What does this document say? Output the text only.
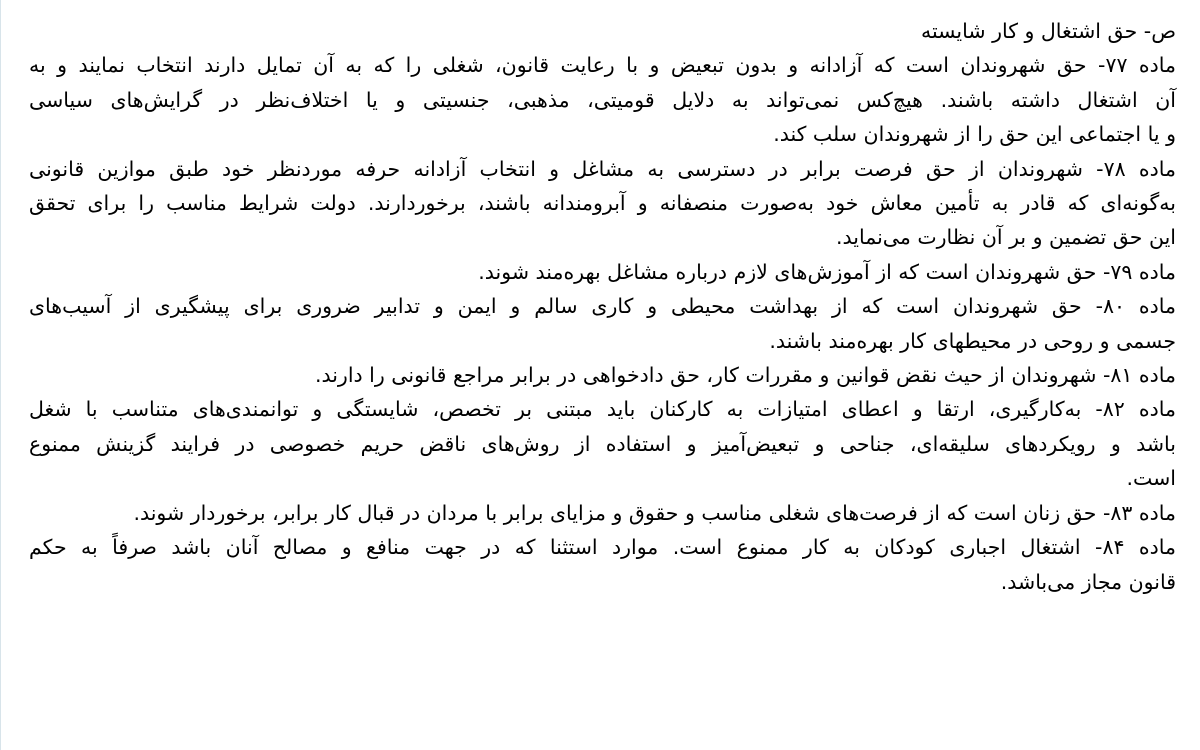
ص- حق اشتغال و کار شایسته

ماده ۷۷- حق شهروندان است که آزادانه و بدون تبعیض و با رعایت قانون، شغلی را که به آن تمایل دارند انتخاب نمایند و به

آن اشتغال داشته باشند. هیچ‌کس نمی‌تواند به دلایل قومیتی، مذهبی، جنسیتی و یا اختلاف‌نظر در گرایش‌های سیاسی

و یا اجتماعی این حق را از شهروندان سلب کند.

ماده ۷۸- شهروندان از حق فرصت برابر در دسترسی به مشاغل و انتخاب آزادانه حرفه موردنظر خود طبق موازین قانونی

به‌گونه‌ای که قادر به تأمین معاش خود به‌صورت منصفانه و آبرومندانه باشند، برخوردارند. دولت شرایط مناسب را برای تحقق

این حق تضمین و بر آن نظارت می‌نماید.

ماده ۷۹- حق شهروندان است که از آموزش‌های لازم درباره مشاغل بهره‌مند شوند.

ماده ۸۰- حق شهروندان است که از بهداشت محیطی و کاری سالم و ایمن و تدابیر ضروری برای پیشگیری از آسیب‌های

جسمی و روحی در محیطهای کار بهره‌مند باشند.

ماده ۸۱- شهروندان از حیث نقض قوانین و مقررات کار، حق دادخواهی در برابر مراجع قانونی را دارند.

ماده ۸۲- به‌کارگیری، ارتقا و اعطای امتیازات به کارکنان باید مبتنی بر تخصص، شایستگی و توانمندی‌های متناسب با شغل

باشد و رویکردهای سلیقه‌ای، جناحی و تبعیض‌آمیز و استفاده از روش‌های ناقض حریم خصوصی در فرایند گزینش ممنوع

است.

ماده ۸۳- حق زنان است که از فرصت‌های شغلی مناسب و حقوق و مزایای برابر با مردان در قبال کار برابر، برخوردار شوند.

ماده ۸۴- اشتغال اجباری کودکان به کار ممنوع است. موارد استثنا که در جهت منافع و مصالح آنان باشد صرفاً به حکم

قانون مجاز می‌باشد.
